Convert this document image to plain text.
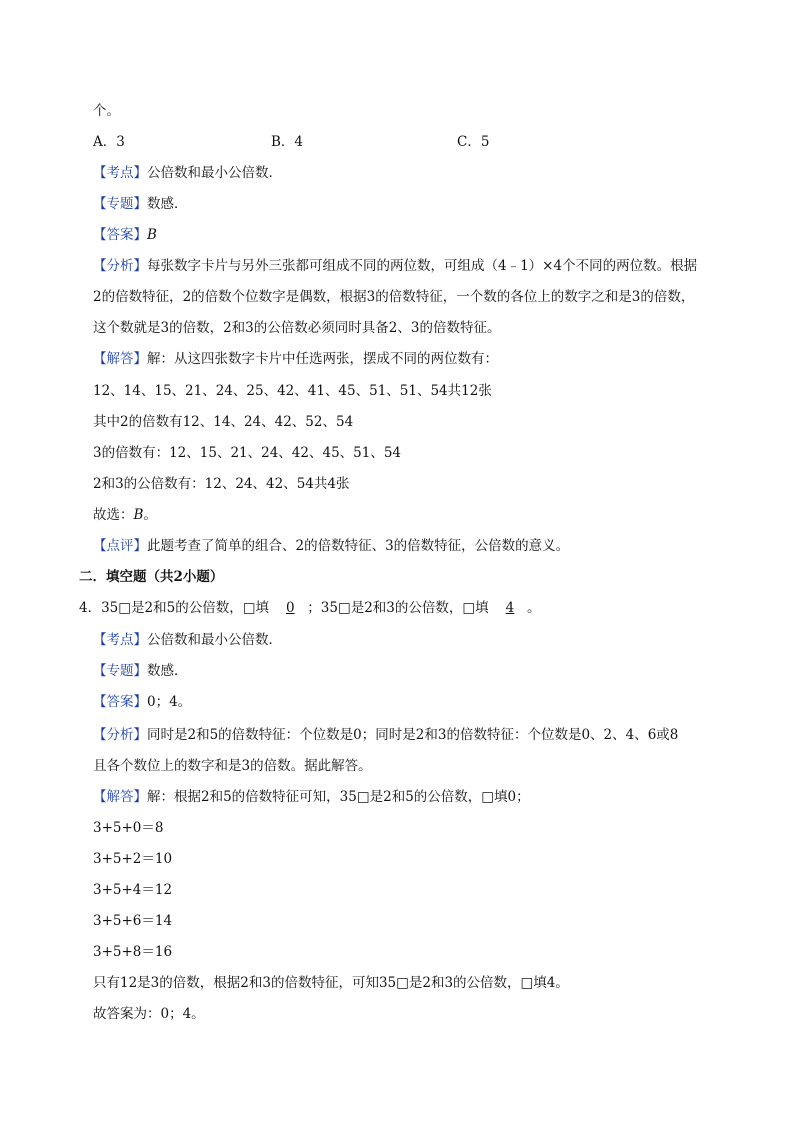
个。
A．3	B．4	C．5
【考点】公倍数和最小公倍数．
【专题】数感．
【答案】B
【分析】每张数字卡片与另外三张都可组成不同的两位数，可组成（4﹣1）×4个不同的两位数。根据
2的倍数特征，2的倍数个位数字是偶数，根据3的倍数特征，一个数的各位上的数字之和是3的倍数，
这个数就是3的倍数，2和3的公倍数必须同时具备2、3的倍数特征。
【解答】解：从这四张数字卡片中任选两张，摆成不同的两位数有：
12、14、15、21、24、25、42、41、45、51、51、54共12张
其中2的倍数有12、14、24、42、52、54
3的倍数有：12、15、21、24、42、45、51、54
2和3的公倍数有：12、24、42、54共4张
故选：B。
【点评】此题考查了简单的组合、2的倍数特征、3的倍数特征，公倍数的意义。
二．填空题（共2小题）
4．35□是2和5的公倍数，□填 0 ；35□是2和3的公倍数，□填 4 。
【考点】公倍数和最小公倍数．
【专题】数感．
【答案】0；4。
【分析】同时是2和5的倍数特征：个位数是0；同时是2和3的倍数特征：个位数是0、2、4、6或8
且各个数位上的数字和是3的倍数。据此解答。
【解答】解：根据2和5的倍数特征可知，35□是2和5的公倍数，□填0；
3+5+0＝8
3+5+2＝10
3+5+4＝12
3+5+6＝14
3+5+8＝16
只有12是3的倍数，根据2和3的倍数特征，可知35□是2和3的公倍数，□填4。
故答案为：0；4。
